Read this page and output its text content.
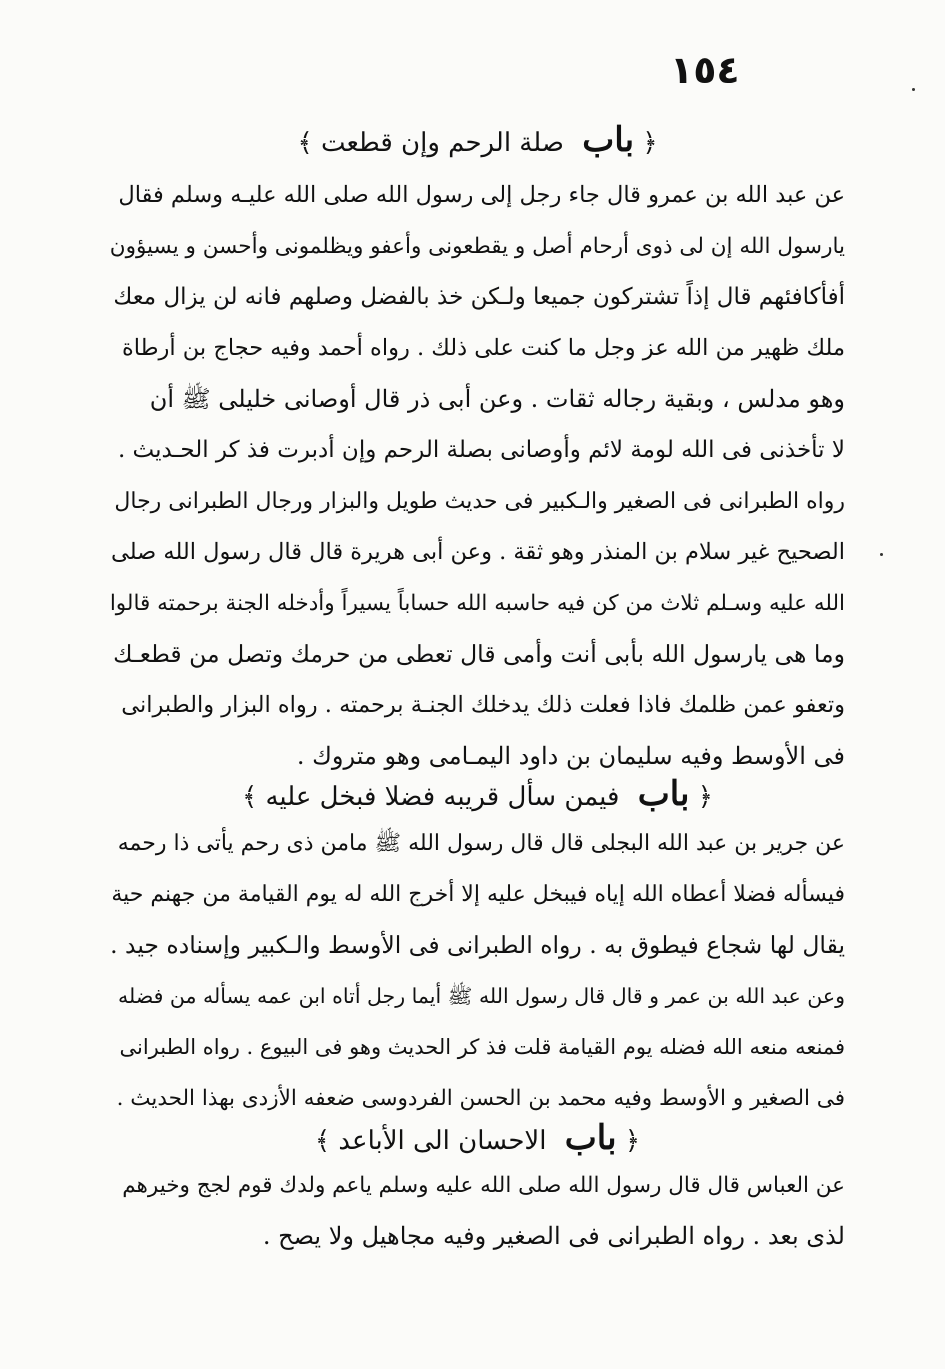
١٥٤
﴿ باب صلة الرحم وإن قطعت ﴾
عن عبد الله بن عمرو قال جاء رجل إلى رسول الله صلى الله عليـه وسلم فقال
يارسول الله إن لى ذوى أرحام أصل و يقطعونى وأعفو ويظلمونى وأحسن و يسيؤون
أفأكافئهم قال إذاً تشتركون جميعا ولـكن خذ بالفضل وصلهم فانه لن يزال معك
ملك ظهير من الله عز وجل ما كنت على ذلك . رواه أحمد وفيه حجاج بن أرطاة
وهو مدلس ، وبقية رجاله ثقات . وعن أبى ذر قال أوصانى خليلى ﷺ أن
لا تأخذنى فى الله لومة لائم وأوصانى بصلة الرحم وإن أدبرت فذ كر الحـديث .
رواه الطبرانى فى الصغير والـكبير فى حديث طويل والبزار ورجال الطبرانى رجال
الصحيح غير سلام بن المنذر وهو ثقة . وعن أبى هريرة قال قال رسول الله صلى
الله عليه وسـلم ثلاث من كن فيه حاسبه الله حساباً يسيراً وأدخله الجنة برحمته قالوا
وما هى يارسول الله بأبى أنت وأمى قال تعطى من حرمك وتصل من قطعـك
وتعفو عمن ظلمك فاذا فعلت ذلك يدخلك الجنـة برحمته . رواه البزار والطبرانى
فى الأوسط وفيه سليمان بن داود اليمـامى وهو متروك .
﴿ باب فيمن سأل قريبه فضلا فبخل عليه ﴾
عن جرير بن عبد الله البجلى قال قال رسول الله ﷺ مامن ذى رحم يأتى ذا رحمه
فيسأله فضلا أعطاه الله إياه فيبخل عليه إلا أخرج الله له يوم القيامة من جهنم حية
يقال لها شجاع فيطوق به . رواه الطبرانى فى الأوسط والـكبير وإسناده جيد .
وعن عبد الله بن عمر و قال قال رسول الله ﷺ أيما رجل أتاه ابن عمه يسأله من فضله
فمنعه منعه الله فضله يوم القيامة قلت فذ كر الحديث وهو فى البيوع . رواه الطبرانى
فى الصغير و الأوسط وفيه محمد بن الحسن الفردوسى ضعفه الأزدى بهذا الحديث .
﴿ باب الاحسان الى الأباعد ﴾
عن العباس قال قال رسول الله صلى الله عليه وسلم ياعم ولدك قوم لجج وخيرهم
لذى بعد . رواه الطبرانى فى الصغير وفيه مجاهيل ولا يصح .
